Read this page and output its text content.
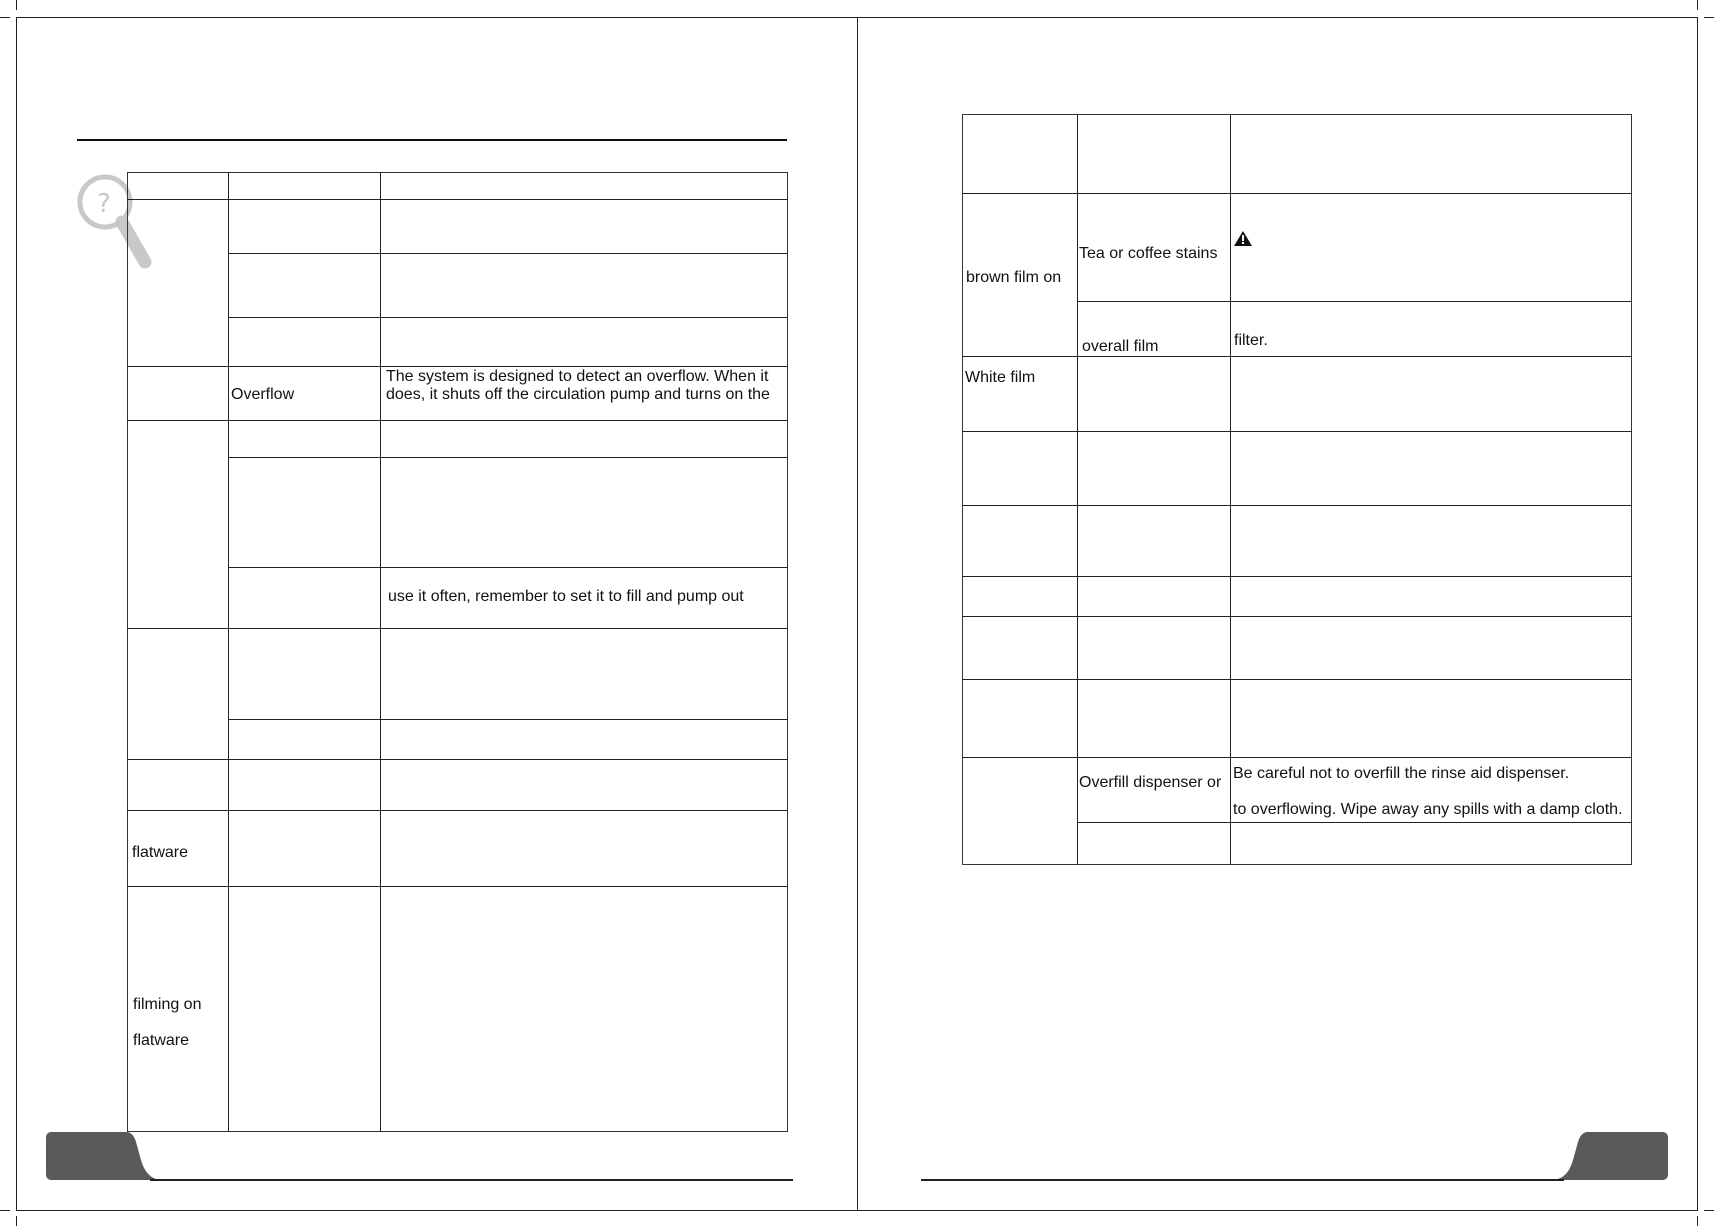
?
Overflow
The system is designed to detect an overflow. When it
does, it shuts off the circulation pump and turns on the
use it often, remember to set it to fill and pump out
flatware
filming on
flatware
brown film on
Tea or coffee stains
overall film	filter.
White film
Overfill dispenser or
Be careful not to overfill the rinse aid dispenser.
to overflowing. Wipe away any spills with a damp cloth.
